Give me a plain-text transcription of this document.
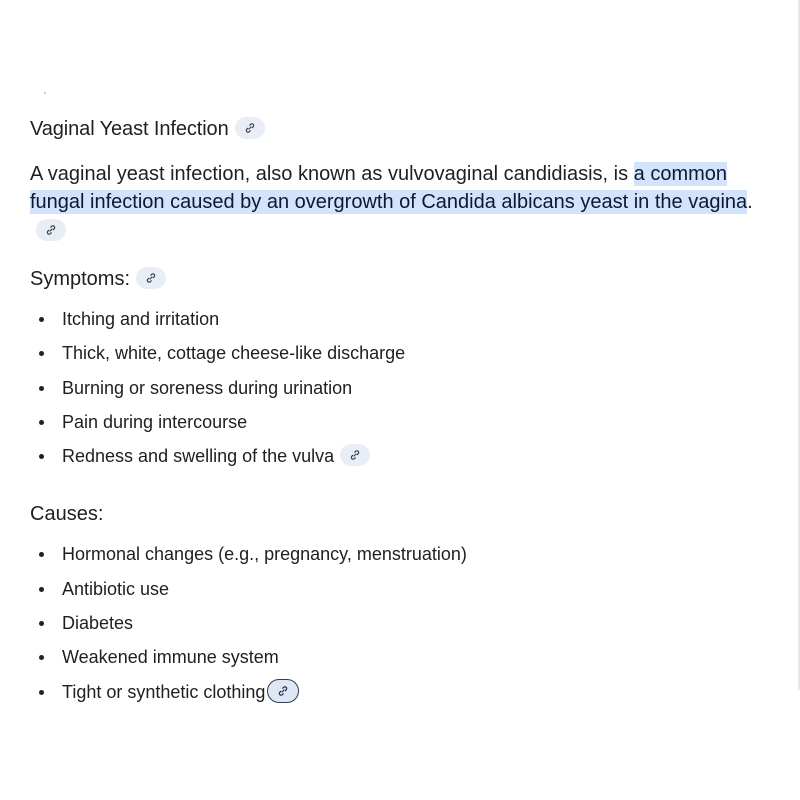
Vaginal Yeast Infection
A vaginal yeast infection, also known as vulvovaginal candidiasis, is a common fungal infection caused by an overgrowth of Candida albicans yeast in the vagina.
Symptoms:
Itching and irritation
Thick, white, cottage cheese-like discharge
Burning or soreness during urination
Pain during intercourse
Redness and swelling of the vulva
Causes:
Hormonal changes (e.g., pregnancy, menstruation)
Antibiotic use
Diabetes
Weakened immune system
Tight or synthetic clothing
